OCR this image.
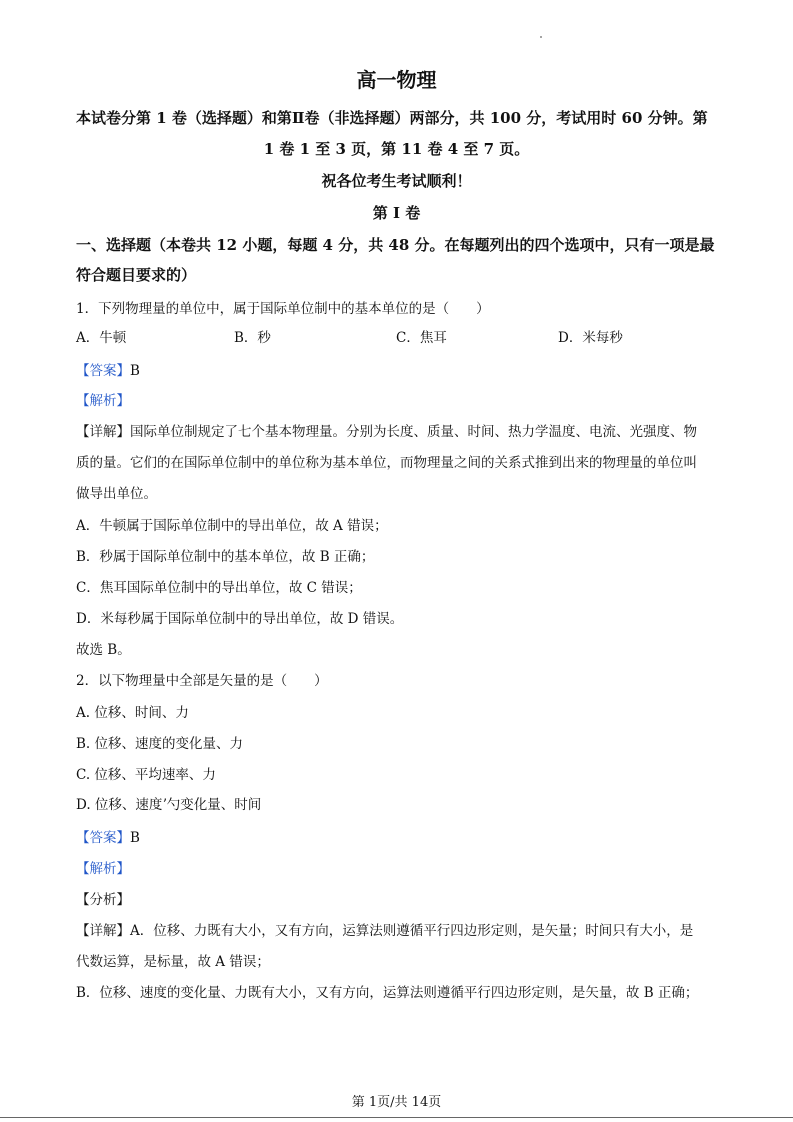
高一物理
本试卷分第 1 卷（选择题）和第Ⅱ卷（非选择题）两部分，共 100 分，考试用时 60 分钟。第
1 卷 1 至 3 页，第 11 卷 4 至 7 页。
祝各位考生考试顺利！
第 I 卷
一、选择题（本卷共 12 小题，每题 4 分，共 48 分。在每题列出的四个选项中，只有一项是最
符合题目要求的）
1．下列物理量的单位中，属于国际单位制中的基本单位的是（　　）
A．牛顿	B．秒	C．焦耳	D．米每秒
【答案】B
【解析】
【详解】国际单位制规定了七个基本物理量。分别为长度、质量、时间、热力学温度、电流、光强度、物
质的量。它们的在国际单位制中的单位称为基本单位，而物理量之间的关系式推到出来的物理量的单位叫
做导出单位。
A．牛顿属于国际单位制中的导出单位，故 A 错误；
B．秒属于国际单位制中的基本单位，故 B 正确；
C．焦耳国际单位制中的导出单位，故 C 错误；
D．米每秒属于国际单位制中的导出单位，故 D 错误。
故选 B。
2．以下物理量中全部是矢量的是（　　）
A. 位移、时间、力
B. 位移、速度的变化量、力
C. 位移、平均速率、力
D. 位移、速度ʼ勺变化量、时间
【答案】B
【解析】
【分析】
【详解】A．位移、力既有大小，又有方向，运算法则遵循平行四边形定则，是矢量；时间只有大小，是
代数运算，是标量，故 A 错误；
B．位移、速度的变化量、力既有大小，又有方向，运算法则遵循平行四边形定则，是矢量，故 B 正确；
第 1页/共 14页
